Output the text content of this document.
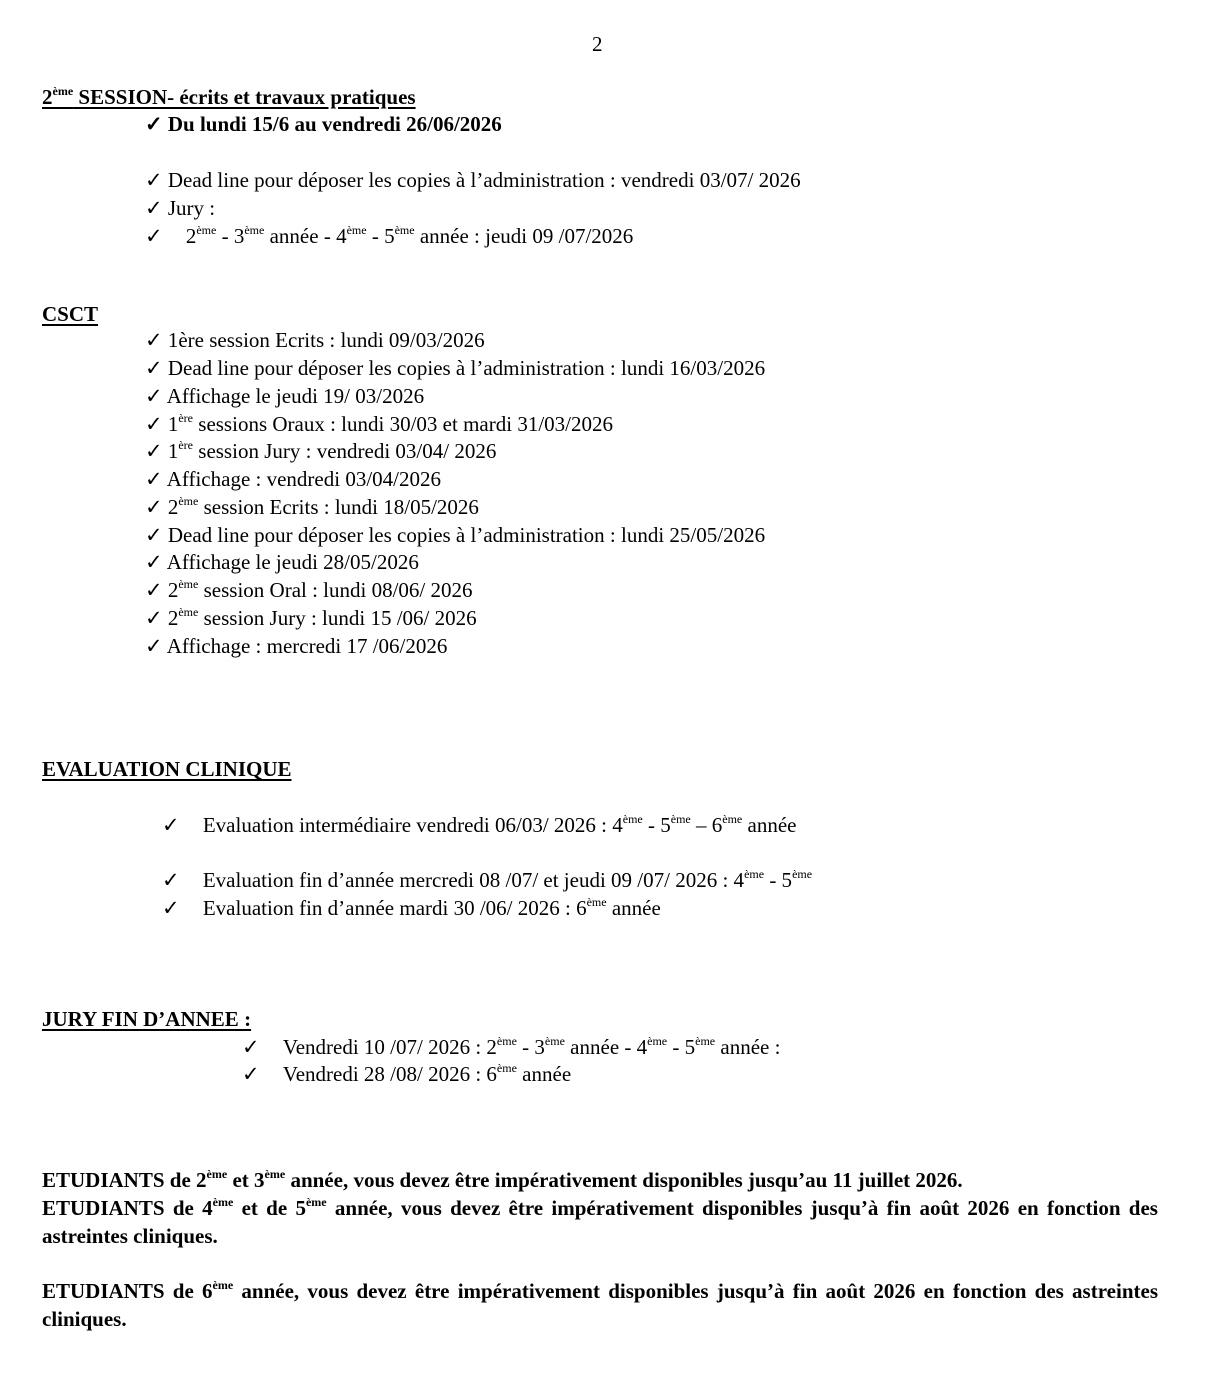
2
2ème SESSION- écrits et travaux pratiques
✓ Du lundi 15/6 au vendredi 26/06/2026
✓ Dead line pour déposer les copies à l’administration : vendredi 03/07/ 2026
✓ Jury :
✓ 2ème - 3ème année - 4ème - 5ème année : jeudi 09 /07/2026
CSCT
✓ 1ère session Ecrits : lundi 09/03/2026
✓ Dead line pour déposer les copies à l’administration : lundi 16/03/2026
✓ Affichage le jeudi 19/ 03/2026
✓ 1ère sessions Oraux : lundi 30/03 et mardi 31/03/2026
✓ 1ère session Jury : vendredi 03/04/ 2026
✓ Affichage : vendredi 03/04/2026
✓ 2ème session Ecrits : lundi 18/05/2026
✓ Dead line pour déposer les copies à l’administration : lundi 25/05/2026
✓ Affichage le jeudi 28/05/2026
✓ 2ème session Oral : lundi 08/06/ 2026
✓ 2ème session Jury : lundi 15 /06/ 2026
✓ Affichage : mercredi 17 /06/2026
EVALUATION CLINIQUE
✓ Evaluation intermédiaire vendredi 06/03/ 2026 : 4ème - 5ème – 6ème année
✓ Evaluation fin d’année mercredi 08 /07/ et jeudi 09 /07/ 2026 : 4ème - 5ème
✓ Evaluation fin d’année mardi 30 /06/ 2026 : 6ème année
JURY FIN D’ANNEE :
✓ Vendredi 10 /07/ 2026 : 2ème - 3ème année - 4ème - 5ème année :
✓ Vendredi 28 /08/ 2026 : 6ème année
ETUDIANTS de 2ème et 3ème année, vous devez être impérativement disponibles jusqu’au 11 juillet 2026.
ETUDIANTS de 4ème et de 5ème année, vous devez être impérativement disponibles jusqu’à fin août 2026 en fonction des astreintes cliniques.
ETUDIANTS de 6ème année, vous devez être impérativement disponibles jusqu’à fin août 2026 en fonction des astreintes cliniques.
